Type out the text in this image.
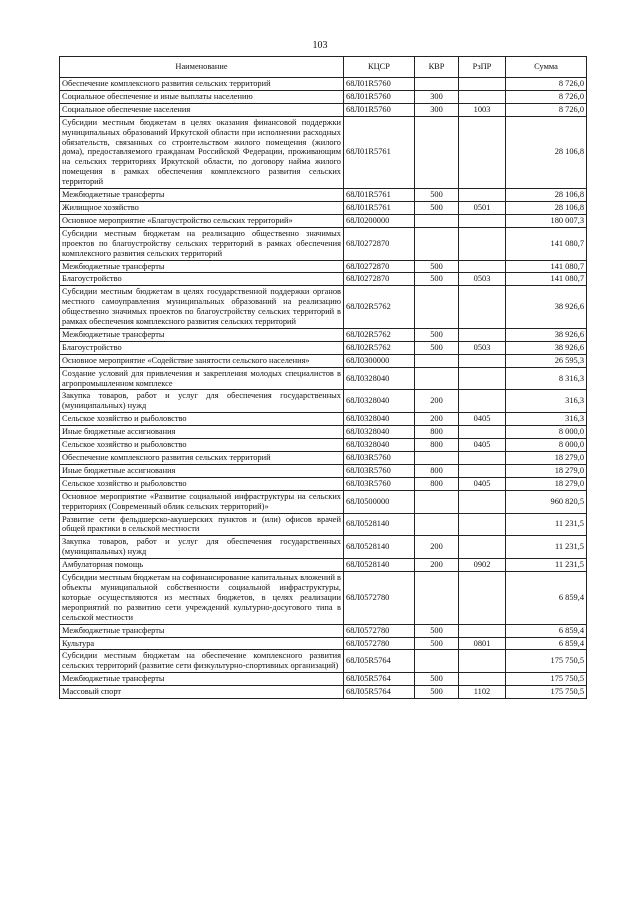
103
Наименование	КЦСР	КВР	РзПР	Сумма
Обеспечение комплексного развития сельских территорий	68Л01R5760			8 726,0
Социальное обеспечение и иные выплаты населению	68Л01R5760	300		8 726,0
Социальное обеспечение населения	68Л01R5760	300	1003	8 726,0
Субсидии местным бюджетам в целях оказания финансовой поддержки муниципальных образований Иркутской области при исполнении расходных обязательств, связанных со строительством жилого помещения (жилого дома), предоставляемого гражданам Российской Федерации, проживающим на сельских территориях Иркутской области, по договору найма жилого помещения в рамках обеспечения комплексного развития сельских территорий	68Л01R5761			28 106,8
Межбюджетные трансферты	68Л01R5761	500		28 106,8
Жилищное хозяйство	68Л01R5761	500	0501	28 106,8
Основное мероприятие «Благоустройство сельских территорий»	68Л0200000			180 007,3
Субсидии местным бюджетам на реализацию общественно значимых проектов по благоустройству сельских территорий в рамках обеспечения комплексного развития сельских территорий	68Л0272870			141 080,7
Межбюджетные трансферты	68Л0272870	500		141 080,7
Благоустройство	68Л0272870	500	0503	141 080,7
Субсидии местным бюджетам в целях государственной поддержки органов местного самоуправления муниципальных образований на реализацию общественно значимых проектов по благоустройству сельских территорий в рамках обеспечения комплексного развития сельских территорий	68Л02R5762			38 926,6
Межбюджетные трансферты	68Л02R5762	500		38 926,6
Благоустройство	68Л02R5762	500	0503	38 926,6
Основное мероприятие «Содействие занятости сельского населения»	68Л0300000			26 595,3
Создание условий для привлечения и закрепления молодых специалистов в агропромышленном комплексе	68Л0328040			8 316,3
Закупка товаров, работ и услуг для обеспечения государственных (муниципальных) нужд	68Л0328040	200		316,3
Сельское хозяйство и рыболовство	68Л0328040	200	0405	316,3
Иные бюджетные ассигнования	68Л0328040	800		8 000,0
Сельское хозяйство и рыболовство	68Л0328040	800	0405	8 000,0
Обеспечение комплексного развития сельских территорий	68Л03R5760			18 279,0
Иные бюджетные ассигнования	68Л03R5760	800		18 279,0
Сельское хозяйство и рыболовство	68Л03R5760	800	0405	18 279,0
Основное мероприятие «Развитие социальной инфраструктуры на сельских территориях (Современный облик сельских территорий)»	68Л0500000			960 820,5
Развитие сети фельдшерско-акушерских пунктов и (или) офисов врачей общей практики в сельской местности	68Л0528140			11 231,5
Закупка товаров, работ и услуг для обеспечения государственных (муниципальных) нужд	68Л0528140	200		11 231,5
Амбулаторная помощь	68Л0528140	200	0902	11 231,5
Субсидии местным бюджетам на софинансирование капитальных вложений в объекты муниципальной собственности социальной инфраструктуры, которые осуществляются из местных бюджетов, в целях реализации мероприятий по развитию сети учреждений культурно-досугового типа в сельской местности	68Л0572780			6 859,4
Межбюджетные трансферты	68Л0572780	500		6 859,4
Культура	68Л0572780	500	0801	6 859,4
Субсидии местным бюджетам на обеспечение комплексного развития сельских территорий (развитие сети физкультурно-спортивных организаций)	68Л05R5764			175 750,5
Межбюджетные трансферты	68Л05R5764	500		175 750,5
Массовый спорт	68Л05R5764	500	1102	175 750,5
